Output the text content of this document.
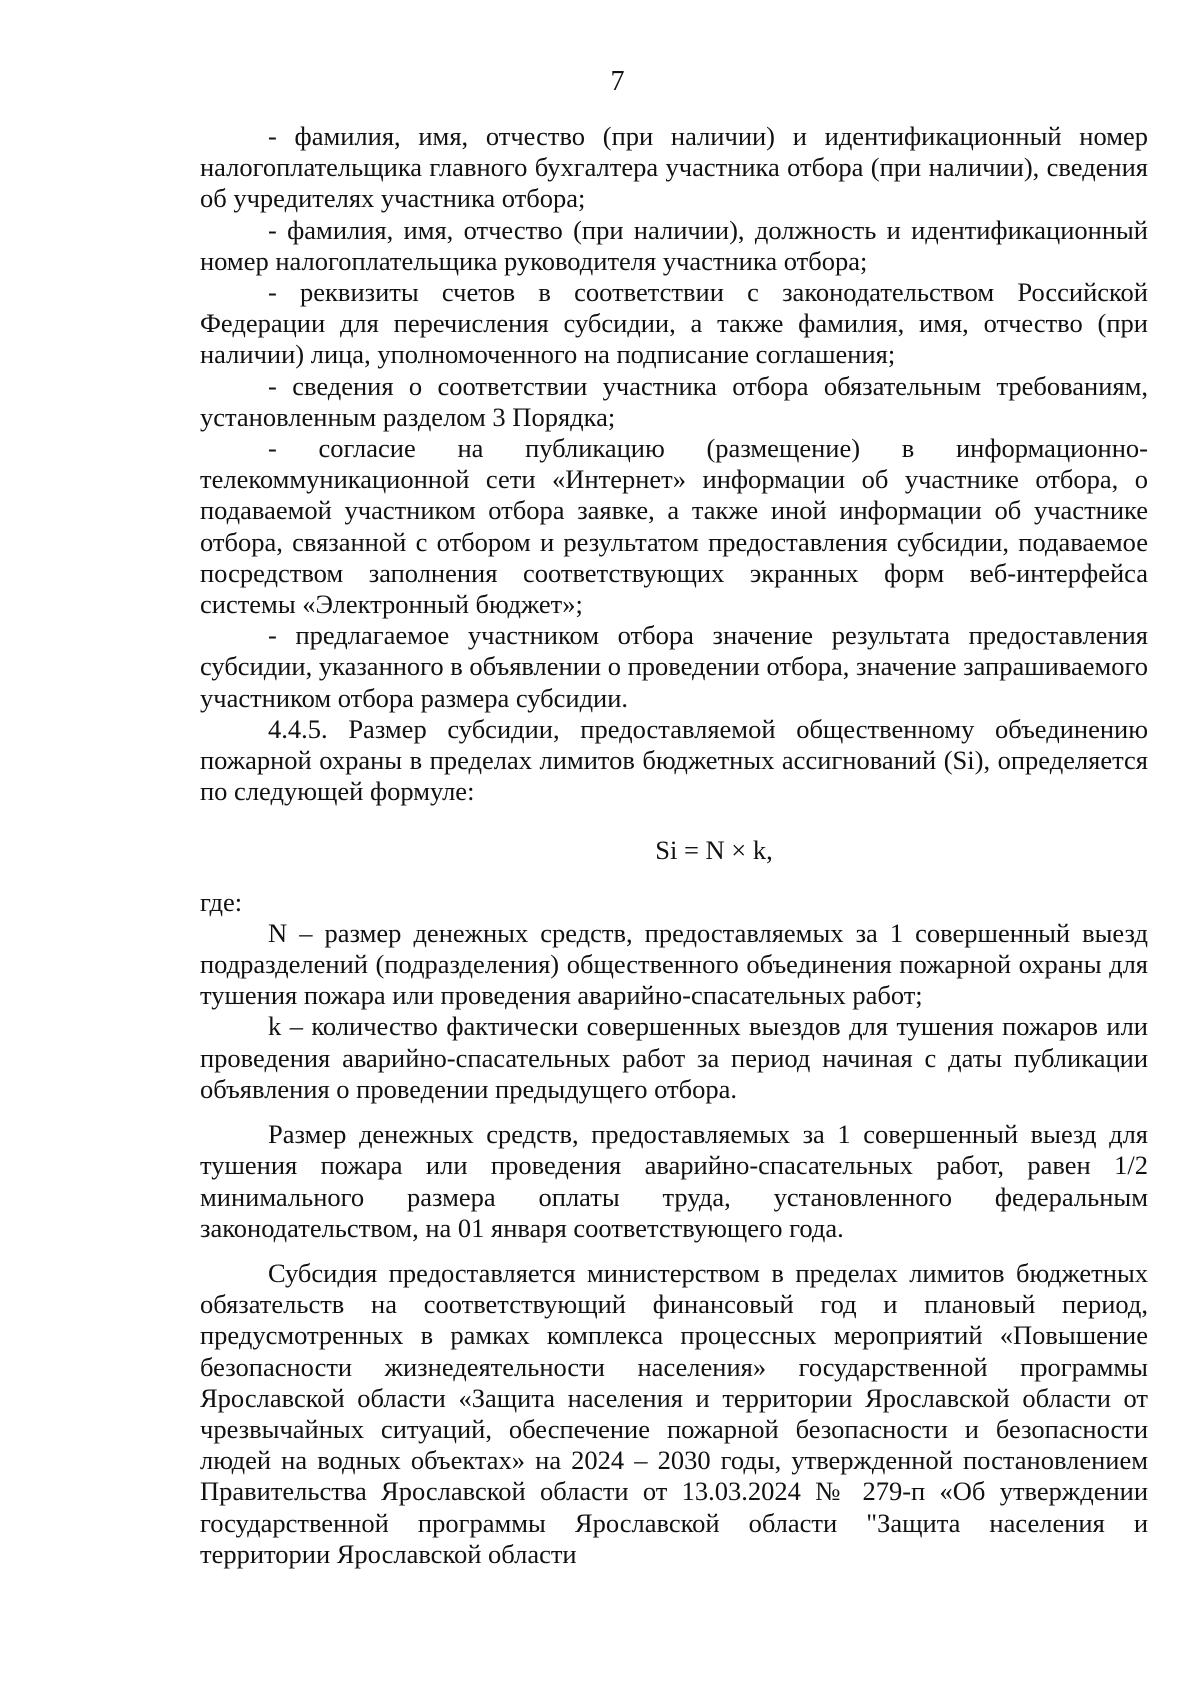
7

- фамилия, имя, отчество (при наличии) и идентификационный номер налогоплательщика главного бухгалтера участника отбора (при наличии), сведения об учредителях участника отбора;

- фамилия, имя, отчество (при наличии), должность и идентификационный номер налогоплательщика руководителя участника отбора;

- реквизиты счетов в соответствии с законодательством Российской Федерации для перечисления субсидии, а также фамилия, имя, отчество (при наличии) лица, уполномоченного на подписание соглашения;

- сведения о соответствии участника отбора обязательным требованиям, установленным разделом 3 Порядка;

- согласие на публикацию (размещение) в информационно-телекоммуникационной сети «Интернет» информации об участнике отбора, о подаваемой участником отбора заявке, а также иной информации об участнике отбора, связанной с отбором и результатом предоставления субсидии, подаваемое посредством заполнения соответствующих экранных форм веб-интерфейса системы «Электронный бюджет»;

- предлагаемое участником отбора значение результата предоставления субсидии, указанного в объявлении о проведении отбора, значение запрашиваемого участником отбора размера субсидии.

4.4.5. Размер субсидии, предоставляемой общественному объединению пожарной охраны в пределах лимитов бюджетных ассигнований (Si), определяется по следующей формуле:

Si = N × k,

где:

N – размер денежных средств, предоставляемых за 1 совершенный выезд подразделений (подразделения) общественного объединения пожарной охраны для тушения пожара или проведения аварийно-спасательных работ;

k – количество фактически совершенных выездов для тушения пожаров или проведения аварийно-спасательных работ за период начиная с даты публикации объявления о проведении предыдущего отбора.

Размер денежных средств, предоставляемых за 1 совершенный выезд для тушения пожара или проведения аварийно-спасательных работ, равен 1/2 минимального размера оплаты труда, установленного федеральным законодательством, на 01 января соответствующего года.

Субсидия предоставляется министерством в пределах лимитов бюджетных обязательств на соответствующий финансовый год и плановый период, предусмотренных в рамках комплекса процессных мероприятий «Повышение безопасности жизнедеятельности населения» государственной программы Ярославской области «Защита населения и территории Ярославской области от чрезвычайных ситуаций, обеспечение пожарной безопасности и безопасности людей на водных объектах» на 2024 – 2030 годы, утвержденной постановлением Правительства Ярославской области от 13.03.2024 № 279-п «Об утверждении государственной программы Ярославской области "Защита населения и территории Ярославской области
